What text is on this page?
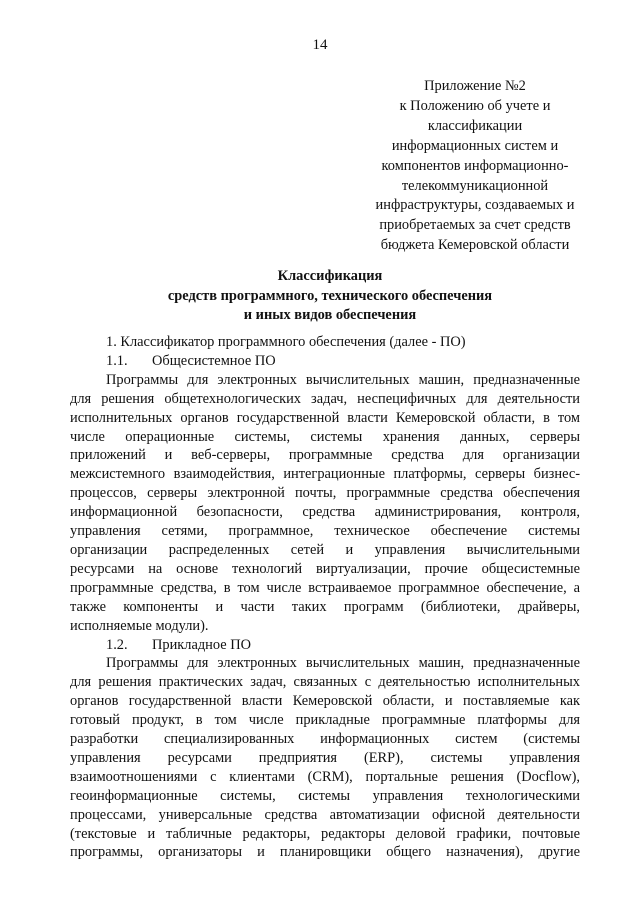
14
Приложение №2
к Положению об учете и
классификации
информационных систем и
компонентов информационно-
телекоммуникационной
инфраструктуры, создаваемых и
приобретаемых за счет средств
бюджета Кемеровской области
Классификация
средств программного, технического обеспечения
и иных видов обеспечения
1. Классификатор программного обеспечения (далее - ПО)
1.1. Общесистемное ПО
Программы для электронных вычислительных машин, предназначенные
для решения общетехнологических задач, неспецифичных для деятельности
исполнительных органов государственной власти Кемеровской области, в том
числе операционные системы, системы хранения данных, серверы
приложений и веб-серверы, программные средства для организации
межсистемного взаимодействия, интеграционные платформы, серверы бизнес-
процессов, серверы электронной почты, программные средства обеспечения
информационной безопасности, средства администрирования, контроля,
управления сетями, программное, техническое обеспечение системы
организации распределенных сетей и управления вычислительными
ресурсами на основе технологий виртуализации, прочие общесистемные
программные средства, в том числе встраиваемое программное обеспечение, а
также компоненты и части таких программ (библиотеки, драйверы,
исполняемые модули).
1.2. Прикладное ПО
Программы для электронных вычислительных машин, предназначенные
для решения практических задач, связанных с деятельностью исполнительных
органов государственной власти Кемеровской области, и поставляемые как
готовый продукт, в том числе прикладные программные платформы для
разработки специализированных информационных систем (системы
управления ресурсами предприятия (ERP), системы управления
взаимоотношениями с клиентами (CRM), портальные решения (Docflow),
геоинформационные системы, системы управления технологическими
процессами, универсальные средства автоматизации офисной деятельности
(текстовые и табличные редакторы, редакторы деловой графики, почтовые
программы, организаторы и планировщики общего назначения), другие
